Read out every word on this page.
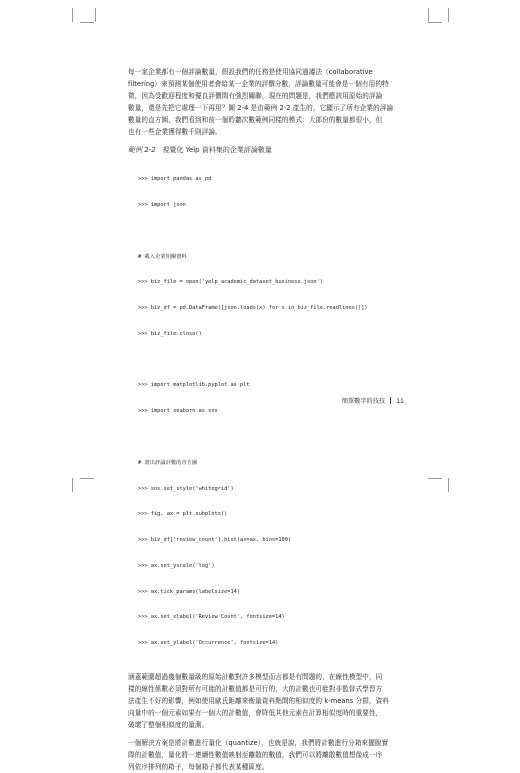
每一家企業都有一個評論數量，假設我們的任務是使用協同過濾法（collaborative
filtering）來預測某個使用者會給某一企業的評價分數，評論數量可能會是一個有用的特
徵，因為受歡迎程度和優良評價間有強烈關聯，現在的問題是，我們應該用原始的評論
數量，還是先把它處理一下再用？圖 2-4 是由範例 2-2 產生的，它顯示了所有企業的評論
數量的直方圖，我們看到和前一個聆聽次數範例同樣的模式：大部份的數量都很小，但
也有一些企業獲得數千則評論。

範例 2-2 視覺化 Yelp 資料集的企業評論數量

>>> import pandas as pd

>>> import json

# 載入企業相關資料

>>> biz_file = open('yelp_academic_dataset_business.json')

>>> biz_df = pd.DataFrame([json.loads(x) for x in biz_file.readlines()])

>>> biz_file.close()

>>> import matplotlib.pyplot as plt

>>> import seaborn as sns

# 畫出評論計數的直方圖

>>> sns.set_style('whitegrid')

>>> fig, ax = plt.subplots()

>>> biz_df['review_count'].hist(ax=ax, bins=100)

>>> ax.set_yscale('log')

>>> ax.tick_params(labelsize=14)

>>> ax.set_xlabel('Review Count', fontsize=14)

>>> ax.set_ylabel('Occurrence', fontsize=14)

涵蓋範圍超過幾個數量級的原始計數對許多模型而言都是有問題的，在線性模型中，同
樣的線性係數必須對所有可能的計數值都是可行的，大的計數也可能對非監督式學習方
法產生不好的影響，例如使用歐氏距離來衡量資料點間的相似度的 k-means 分群，資料
向量中的一個元素如果有一個大的計數值，會降低其他元素在計算相似度時的重要性，
破壞了整個相似度的量測。

一個解決方案是將計數進行量化（quantize），也就是說，我們將計數進行分箱來擺脫實
際的計數值，量化將一連續性數值映射至離散的數值，我們可以將離散數值想像成一序
列依序排列的箱子，每個箱子都代表某種區度。

簡單數字的技技 11
